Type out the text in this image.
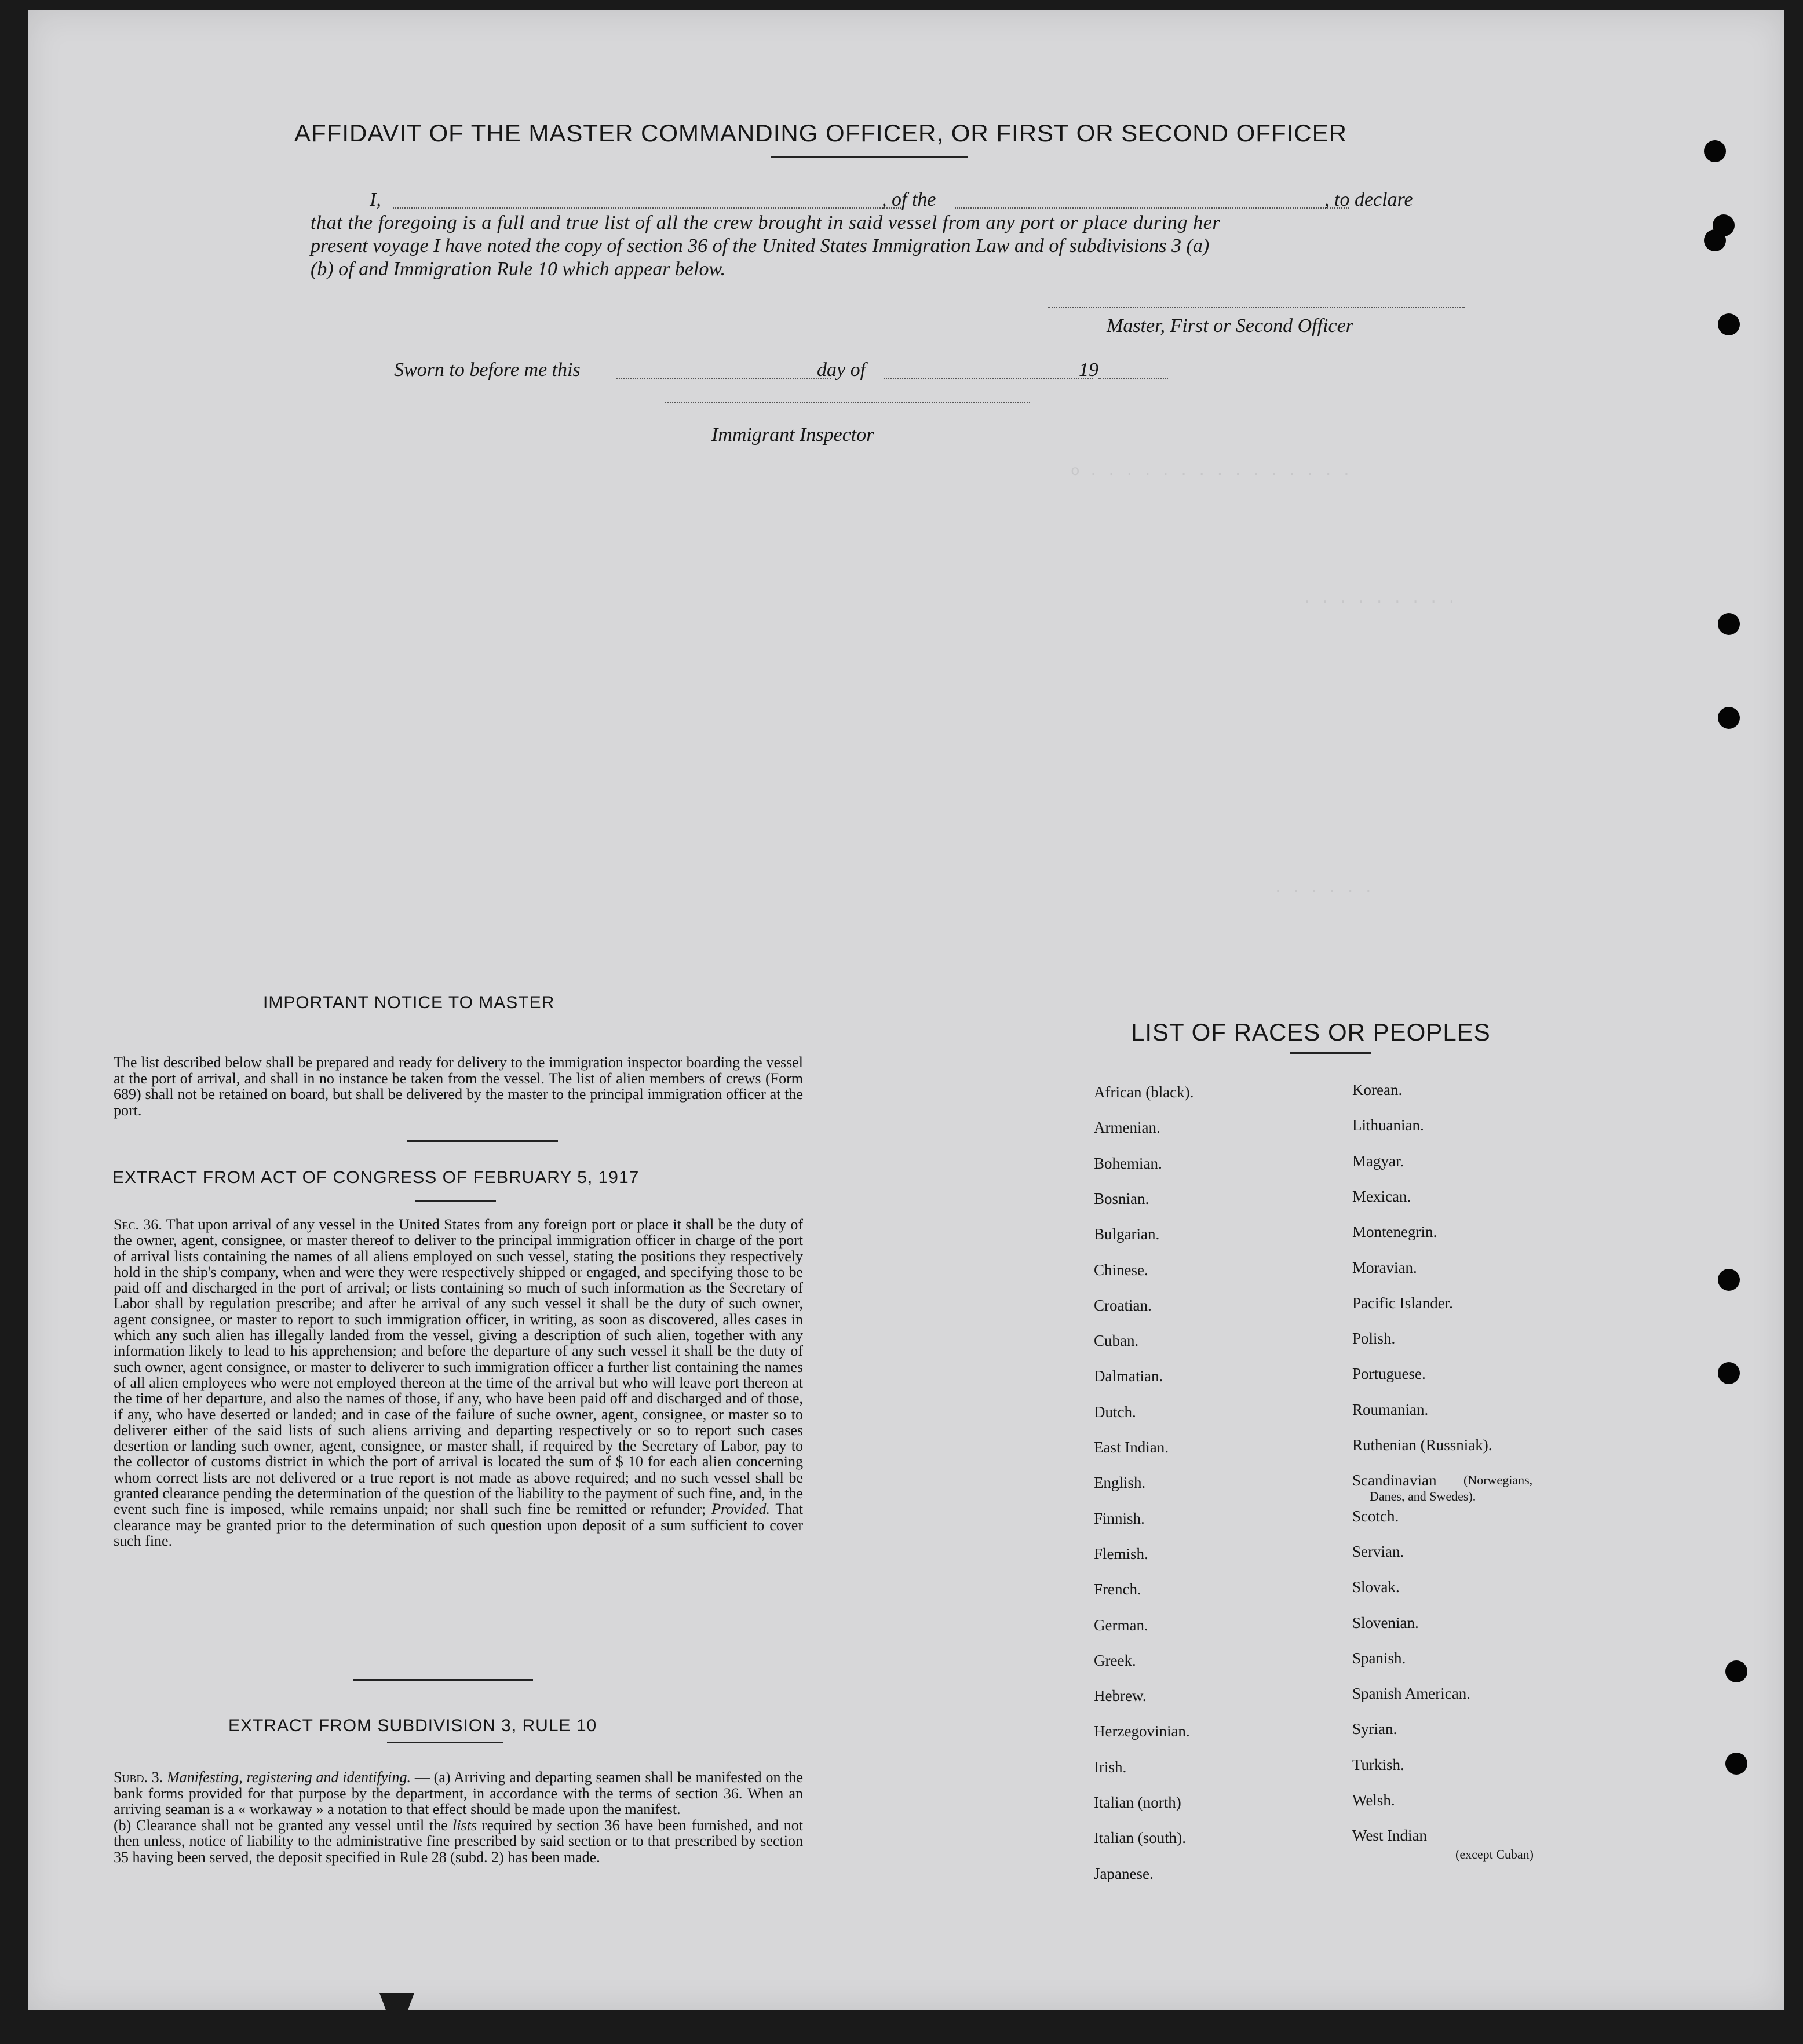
o . . . . . . . . . . . . . . .
. . . . . . . . .
. . . . . .
AFFIDAVIT OF THE MASTER COMMANDING OFFICER, OR FIRST OR SECOND OFFICER
I,	, of the	, to declare
that the foregoing is a full and true list of all the crew brought in said vessel from any port or place during her
present voyage I have noted the copy of section 36 of the United States Immigration Law and of subdivisions 3 (a)
(b) of and Immigration Rule 10 which appear below.
Master, First or Second Officer
Sworn to before me this	day of	19
Immigrant Inspector
IMPORTANT NOTICE TO MASTER
The list described below shall be prepared and ready for delivery to the immigration inspector boarding the vessel at the port of arrival, and shall in no instance be taken from the vessel. The list of alien members of crews (Form 689) shall not be retained on board, but shall be delivered by the master to the principal immigration officer at the port.
EXTRACT FROM ACT OF CONGRESS OF FEBRUARY 5, 1917
Sec. 36. That upon arrival of any vessel in the United States from any foreign port or place it shall be the duty of the owner, agent, consignee, or master thereof to deliver to the principal immigration officer in charge of the port of arrival lists containing the names of all aliens employed on such vessel, stating the positions they respectively hold in the ship's company, when and were they were respectively shipped or engaged, and specifying those to be paid off and discharged in the port of arrival; or lists containing so much of such information as the Secretary of Labor shall by regulation prescribe; and after he arrival of any such vessel it shall be the duty of such owner, agent consignee, or master to report to such immigration officer, in writing, as soon as discovered, alles cases in which any such alien has illegally landed from the vessel, giving a description of such alien, together with any information likely to lead to his apprehension; and before the departure of any such vessel it shall be the duty of such owner, agent consignee, or master to deliverer to such immigration officer a further list containing the names of all alien employees who were not employed thereon at the time of the arrival but who will leave port thereon at the time of her departure, and also the names of those, if any, who have been paid off and discharged and of those, if any, who have deserted or landed; and in case of the failure of suche owner, agent, consignee, or master so to deliverer either of the said lists of such aliens arriving and departing respectively or so to report such cases desertion or landing such owner, agent, consignee, or master shall, if required by the Secretary of Labor, pay to the collector of customs district in which the port of arrival is located the sum of $ 10 for each alien concerning whom correct lists are not delivered or a true report is not made as above required; and no such vessel shall be granted clearance pending the determination of the question of the liability to the payment of such fine, and, in the event such fine is imposed, while remains unpaid; nor shall such fine be remitted or refunder; Provided. That clearance may be granted prior to the determination of such question upon deposit of a sum sufficient to cover such fine.
EXTRACT FROM SUBDIVISION 3, RULE 10
Subd. 3. Manifesting, registering and identifying. — (a) Arriving and departing seamen shall be manifested on the bank forms provided for that purpose by the department, in accordance with the terms of section 36. When an arriving seaman is a « workaway » a notation to that effect should be made upon the manifest.
(b) Clearance shall not be granted any vessel until the lists required by section 36 have been furnished, and not then unless, notice of liability to the administrative fine prescribed by said section or to that prescribed by section 35 having been served, the deposit specified in Rule 28 (subd. 2) has been made.
LIST OF RACES OR PEOPLES
African (black).
Armenian.
Bohemian.
Bosnian.
Bulgarian.
Chinese.
Croatian.
Cuban.
Dalmatian.
Dutch.
East Indian.
English.
Finnish.
Flemish.
French.
German.
Greek.
Hebrew.
Herzegovinian.
Irish.
Italian (north)
Italian (south).
Japanese.
Korean.
Lithuanian.
Magyar.
Mexican.
Montenegrin.
Moravian.
Pacific Islander.
Polish.
Portuguese.
Roumanian.
Ruthenian (Russniak).
Scandinavian
Scotch.
Servian.
Slovak.
Slovenian.
Spanish.
Spanish American.
Syrian.
Turkish.
Welsh.
West Indian
(Norwegians,
Danes, and Swedes).
(except Cuban)
